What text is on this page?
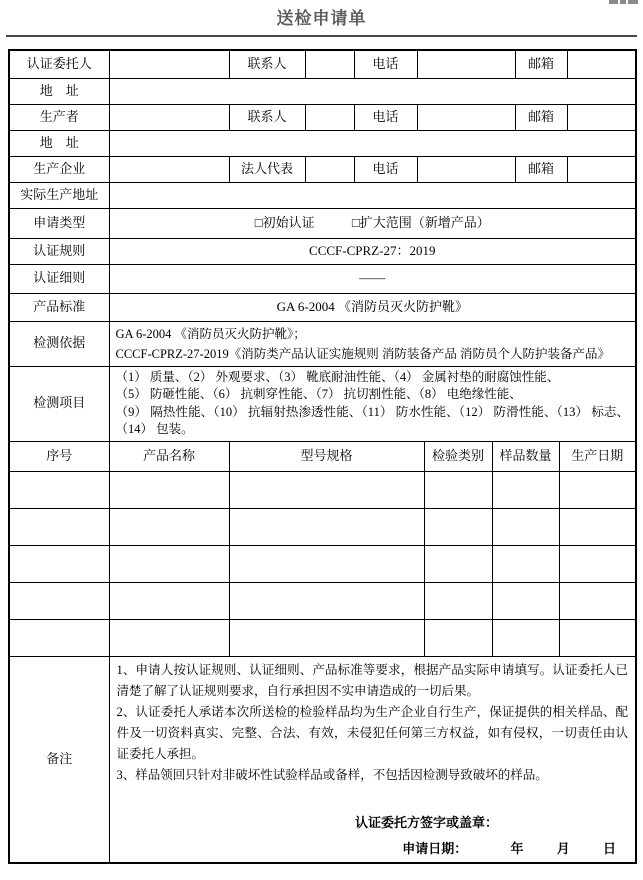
送检申请单
认证委托人		联系人		电话				邮箱		
地　址										
生产者		联系人		电话				邮箱		
地　址										
生产企业		法人代表		电话				邮箱		
实际生产地址										
申请类型	□初始认证 □扩大范围（新增产品）									
认证规则	CCCF-CPRZ-27：2019									
认证细则	——									
产品标准	GA 6-2004 《消防员灭火防护靴》									
检测依据	GA 6-2004 《消防员灭火防护靴》；
CCCF-CPRZ-27-2019《消防类产品认证实施规则 消防装备产品 消防员个人防护装备产品》									

检测项目	（1） 质量、（2） 外观要求、（3） 靴底耐油性能、（4） 金属衬垫的耐腐蚀性能、
（5） 防砸性能、（6） 抗刺穿性能、（7） 抗切割性能、（8） 电绝缘性能、
（9） 隔热性能、（10） 抗辐射热渗透性能、（11） 防水性能、（12） 防滑性能、（13） 标志、（14） 包装。									

序号	产品名称	型号规格				检验类别	样品数量		生产日期	

备注	1、申请人按认证规则、认证细则、产品标准等要求，根据产品实际申请填写。认证委托人已清楚了解了认证规则要求，自行承担因不实申请造成的一切后果。

2、认证委托人承诺本次所送检的检验样品均为生产企业自行生产，保证提供的相关样品、配件及一切资料真实、完整、合法、有效，未侵犯任何第三方权益，如有侵权，一切责任由认证委托人承担。

3、样品领回只针对非破坏性试验样品或备样，不包括因检测导致破坏的样品。

认证委托方签字或盖章：
申请日期： 年 月 日									
